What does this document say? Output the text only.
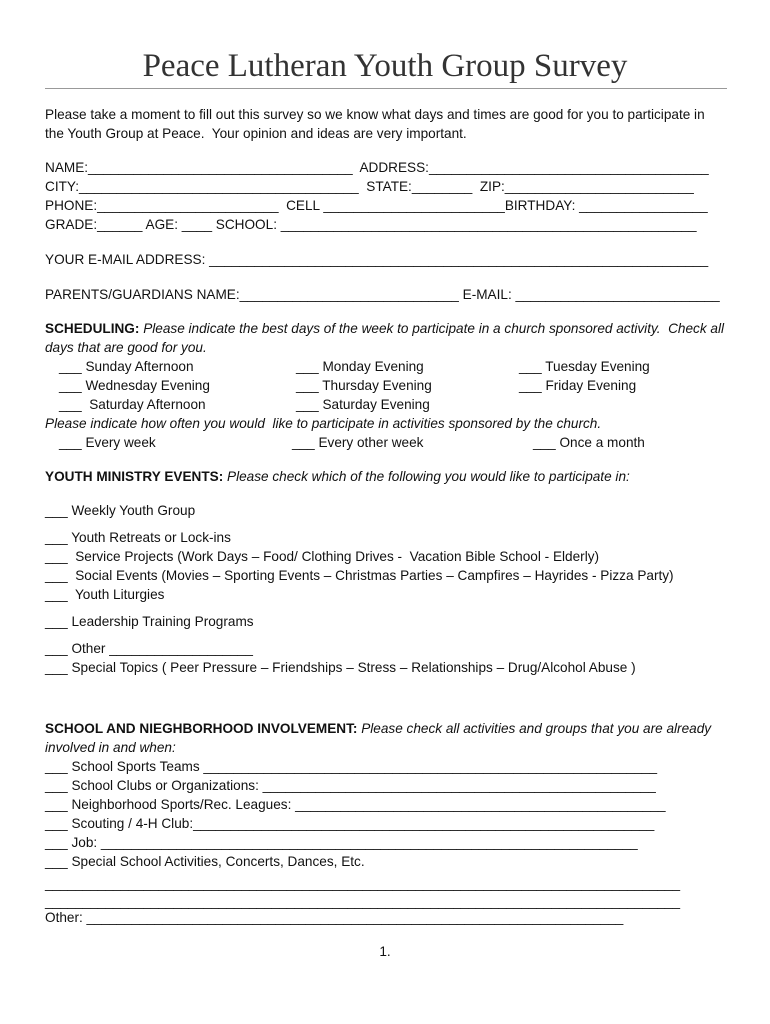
Peace Lutheran Youth Group Survey
Please take a moment to fill out this survey so we know what days and times are good for you to participate in
the Youth Group at Peace.  Your opinion and ideas are very important.
NAME:___________________________________  ADDRESS:_____________________________________
CITY:_____________________________________  STATE:________  ZIP:_________________________
PHONE:________________________  CELL ________________________BIRTHDAY: _________________
GRADE:______ AGE: ____ SCHOOL: _______________________________________________________
YOUR E-MAIL ADDRESS: __________________________________________________________________
PARENTS/GUARDIANS NAME:_____________________________ E-MAIL: ___________________________
SCHEDULING: Please indicate the best days of the week to participate in a church sponsored activity.  Check all
days that are good for you.
___ Sunday Afternoon	___ Monday Evening	___ Tuesday Evening
___ Wednesday Evening	___ Thursday Evening	___ Friday Evening
___  Saturday Afternoon	___ Saturday Evening
Please indicate how often you would  like to participate in activities sponsored by the church.
___ Every week	___ Every other week	___ Once a month
YOUTH MINISTRY EVENTS: Please check which of the following you would like to participate in:
___ Weekly Youth Group
___ Youth Retreats or Lock-ins
___  Service Projects (Work Days – Food/ Clothing Drives -  Vacation Bible School - Elderly)
___  Social Events (Movies – Sporting Events – Christmas Parties – Campfires – Hayrides - Pizza Party)
___  Youth Liturgies
___ Leadership Training Programs
___ Other ___________________
___ Special Topics ( Peer Pressure – Friendships – Stress – Relationships – Drug/Alcohol Abuse )
SCHOOL AND NIEGHBORHOOD INVOLVEMENT: Please check all activities and groups that you are already
involved in and when:
___ School Sports Teams ____________________________________________________________
___ School Clubs or Organizations: ____________________________________________________
___ Neighborhood Sports/Rec. Leagues: _________________________________________________
___ Scouting / 4-H Club:_____________________________________________________________
___ Job: _______________________________________________________________________
___ Special School Activities, Concerts, Dances, Etc.
____________________________________________________________________________________
____________________________________________________________________________________
Other: _______________________________________________________________________
1.
